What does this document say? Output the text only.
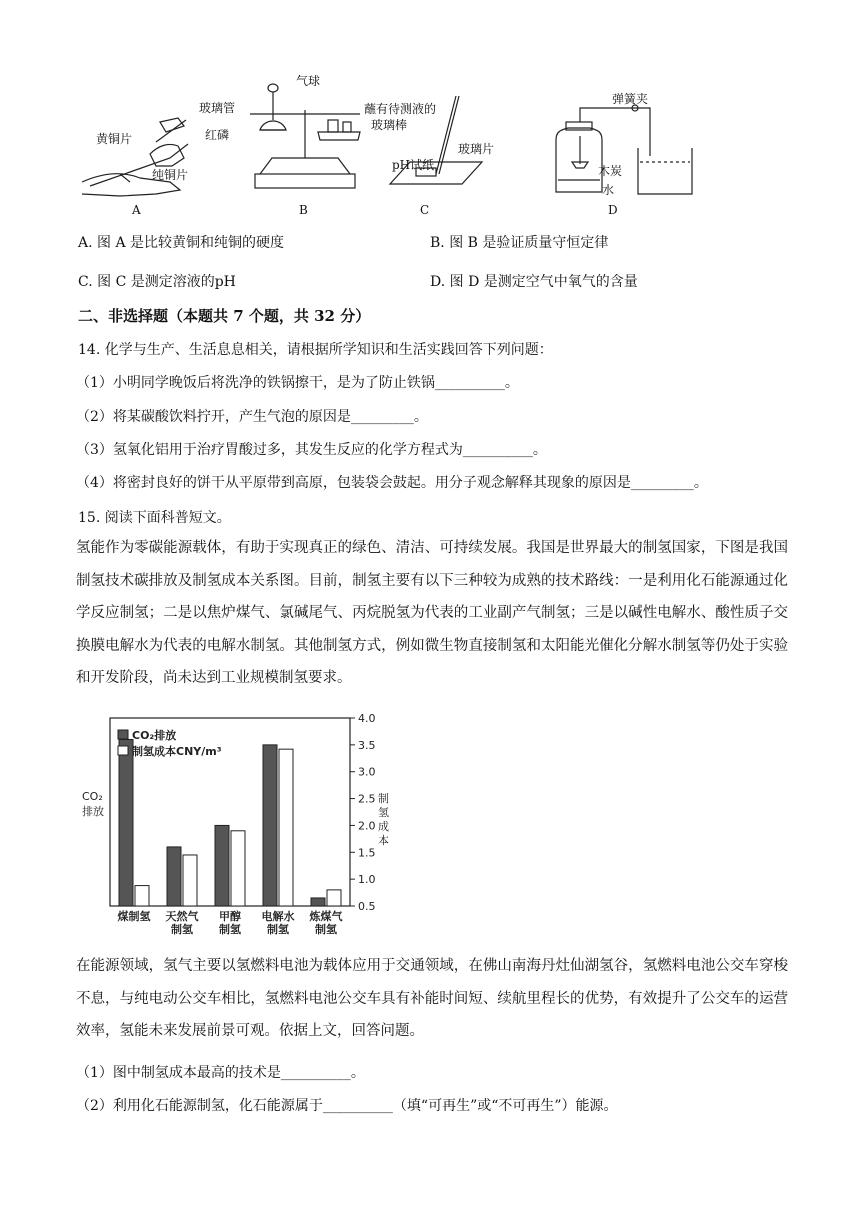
黄铜片
纯铜片
A
气球
玻璃管
红磷
B
蘸有待测液的
玻璃棒
pH试纸
玻璃片
C
弹簧夹
木炭
水
D
A. 图 A 是比较黄铜和纯铜的硬度	B. 图 B 是验证质量守恒定律
C. 图 C 是测定溶液的pH	D. 图 D 是测定空气中氧气的含量
二、非选择题（本题共 7 个题，共 32 分）
14. 化学与生产、生活息息相关，请根据所学知识和生活实践回答下列问题：
（1）小明同学晚饭后将洗净的铁锅擦干，是为了防止铁锅__________。
（2）将某碳酸饮料拧开，产生气泡的原因是_________。
（3）氢氧化铝用于治疗胃酸过多，其发生反应的化学方程式为__________。
（4）将密封良好的饼干从平原带到高原，包装袋会鼓起。用分子观念解释其现象的原因是_________。
15. 阅读下面科普短文。
氢能作为零碳能源载体，有助于实现真正的绿色、清洁、可持续发展。我国是世界最大的制氢国家，下图是我国制氢技术碳排放及制氢成本关系图。目前，制氢主要有以下三种较为成熟的技术路线：一是利用化石能源通过化学反应制氢；二是以焦炉煤气、氯碱尾气、丙烷脱氢为代表的工业副产气制氢；三是以碱性电解水、酸性质子交换膜电解水为代表的电解水制氢。其他制氢方式，例如微生物直接制氢和太阳能光催化分解水制氢等仍处于实验和开发阶段，尚未达到工业规模制氢要求。
4.0
3.5
3.0
2.5
2.0
1.5
1.0
0.5
CO₂
排放
制
氢
成
本
煤制氢 天然气
制氢
甲醇
制氢
电解水
制氢
炼煤气
制氢
CO₂排放
制氢成本CNY/m³
在能源领域，氢气主要以氢燃料电池为载体应用于交通领域，在佛山南海丹灶仙湖氢谷，氢燃料电池公交车穿梭不息，与纯电动公交车相比，氢燃料电池公交车具有补能时间短、续航里程长的优势，有效提升了公交车的运营效率，氢能未来发展前景可观。依据上文，回答问题。
（1）图中制氢成本最高的技术是__________。
（2）利用化石能源制氢，化石能源属于__________（填“可再生”或“不可再生”）能源。
